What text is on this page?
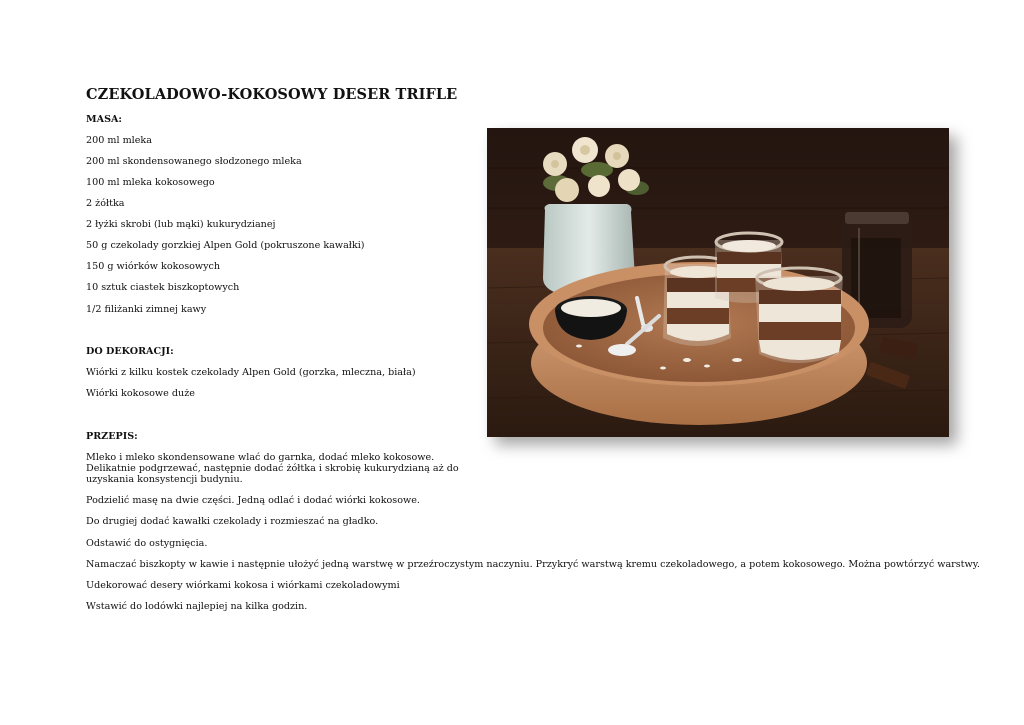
CZEKOLADOWO-KOKOSOWY DESER TRIFLE
MASA:
200 ml mleka
200 ml skondensowanego słodzonego mleka
100 ml mleka kokosowego
2 żółtka
2 łyżki skrobi (lub mąki) kukurydzianej
50 g czekolady gorzkiej Alpen Gold (pokruszone kawałki)
150 g wiórków kokosowych
10 sztuk ciastek biszkoptowych
1/2 filiżanki zimnej kawy
DO DEKORACJI:
Wiórki z kilku kostek czekolady Alpen Gold (gorzka, mleczna, biała)
Wiórki kokosowe duże
PRZEPIS:
Mleko i mleko skondensowane wlać do garnka, dodać mleko kokosowe. Delikatnie podgrzewać, następnie dodać żółtka i skrobię kukurydzianą aż do uzyskania konsystencji budyniu.
Podzielić masę na dwie części. Jedną odlać i dodać wiórki kokosowe.
Do drugiej dodać kawałki czekolady i rozmieszać na gładko.
Odstawić do ostygnięcia.
Namaczać biszkopty w kawie i następnie ułożyć jedną warstwę w przeźroczystym naczyniu. Przykryć warstwą kremu czekoladowego, a potem kokosowego. Można powtórzyć warstwy.
Udekorować desery wiórkami kokosa i wiórkami czekoladowymi
Wstawić do lodówki najlepiej na kilka godzin.
